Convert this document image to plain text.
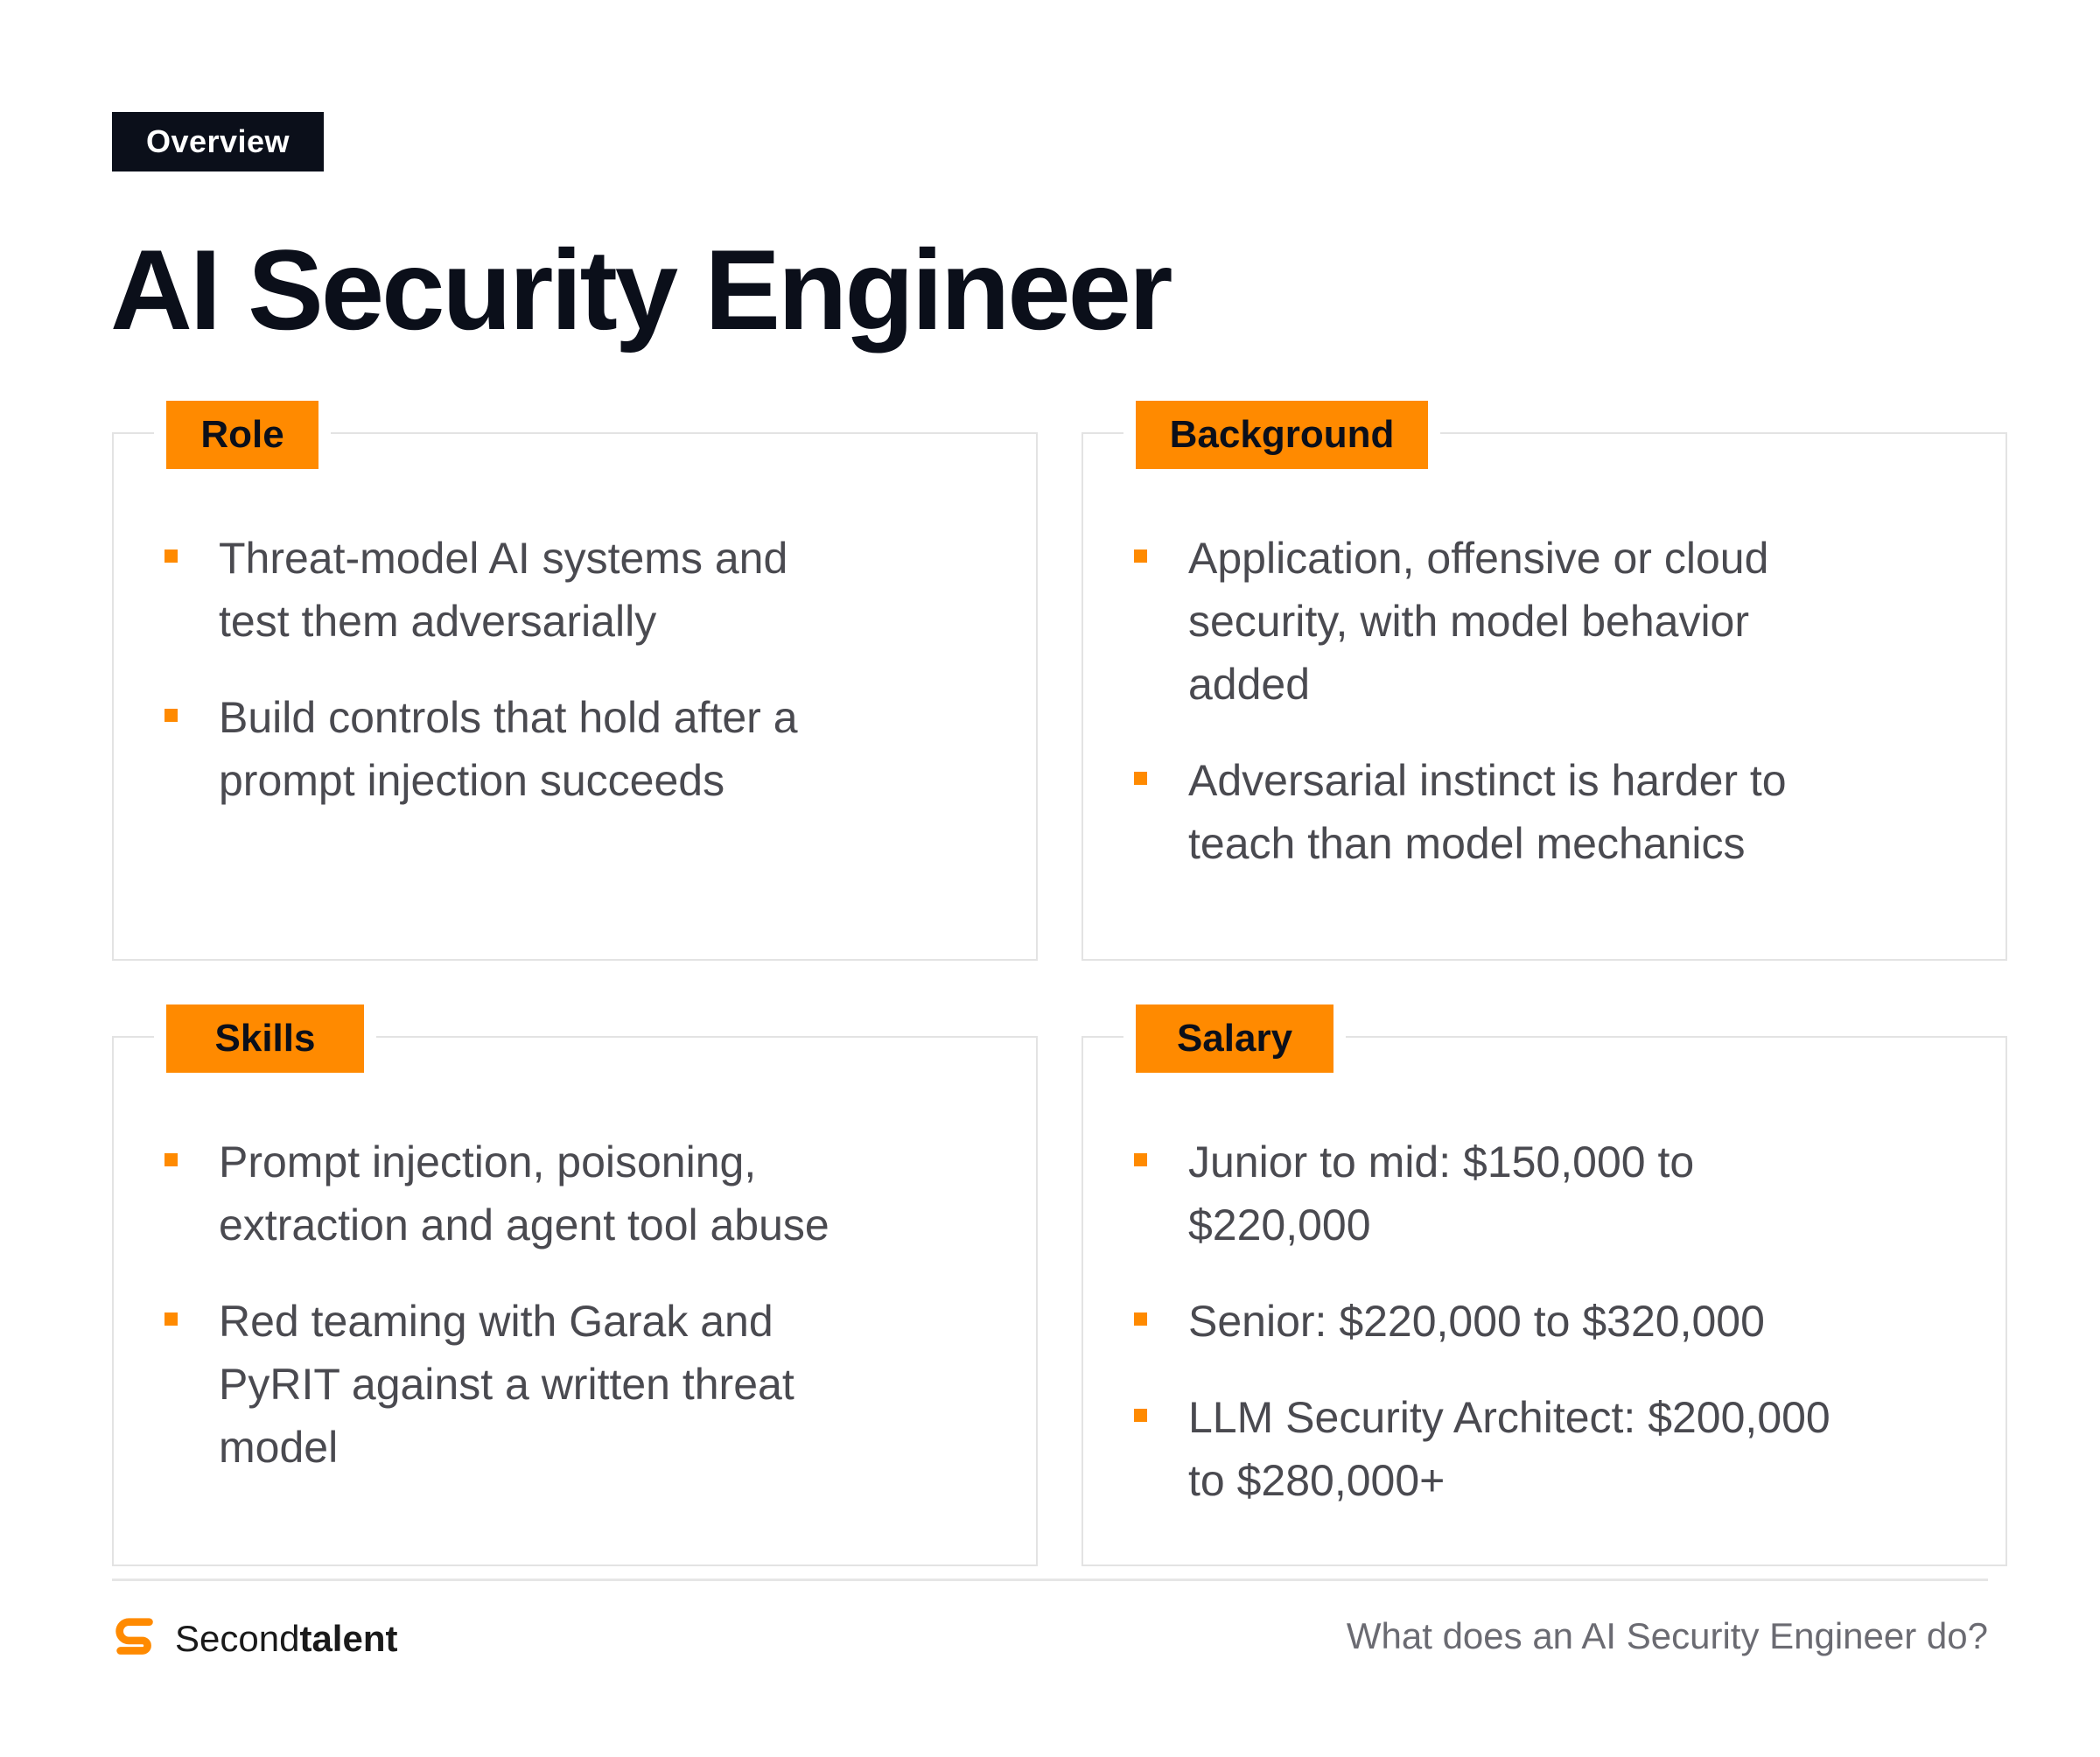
Overview
AI Security Engineer
Role
Threat-model AI systems and test them adversarially
Build controls that hold after a prompt injection succeeds
Background
Application, offensive or cloud security, with model behavior added
Adversarial instinct is harder to teach than model mechanics
Skills
Prompt injection, poisoning, extraction and agent tool abuse
Red teaming with Garak and PyRIT against a written threat model
Salary
Junior to mid: $150,000 to $220,000
Senior: $220,000 to $320,000
LLM Security Architect: $200,000 to $280,000+
Secondtalent	What does an AI Security Engineer do?
